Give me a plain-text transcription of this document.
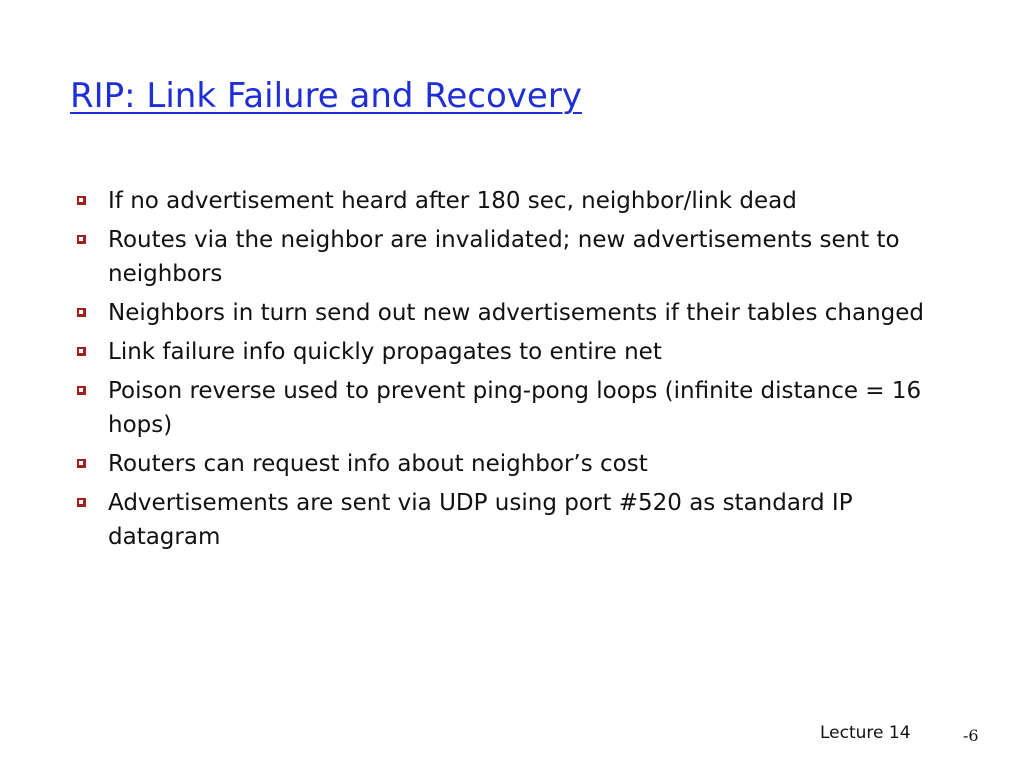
RIP: Link Failure and Recovery
If no advertisement heard after 180 sec, neighbor/link dead
Routes via the neighbor are invalidated; new advertisements sent to neighbors
Neighbors in turn send out new advertisements if their tables changed
Link failure info quickly propagates to entire net
Poison reverse used to prevent ping-pong loops (infinite distance = 16 hops)
Routers can request info about neighbor’s cost
Advertisements are sent via UDP using port #520 as standard IP datagram
Lecture 14	-6
